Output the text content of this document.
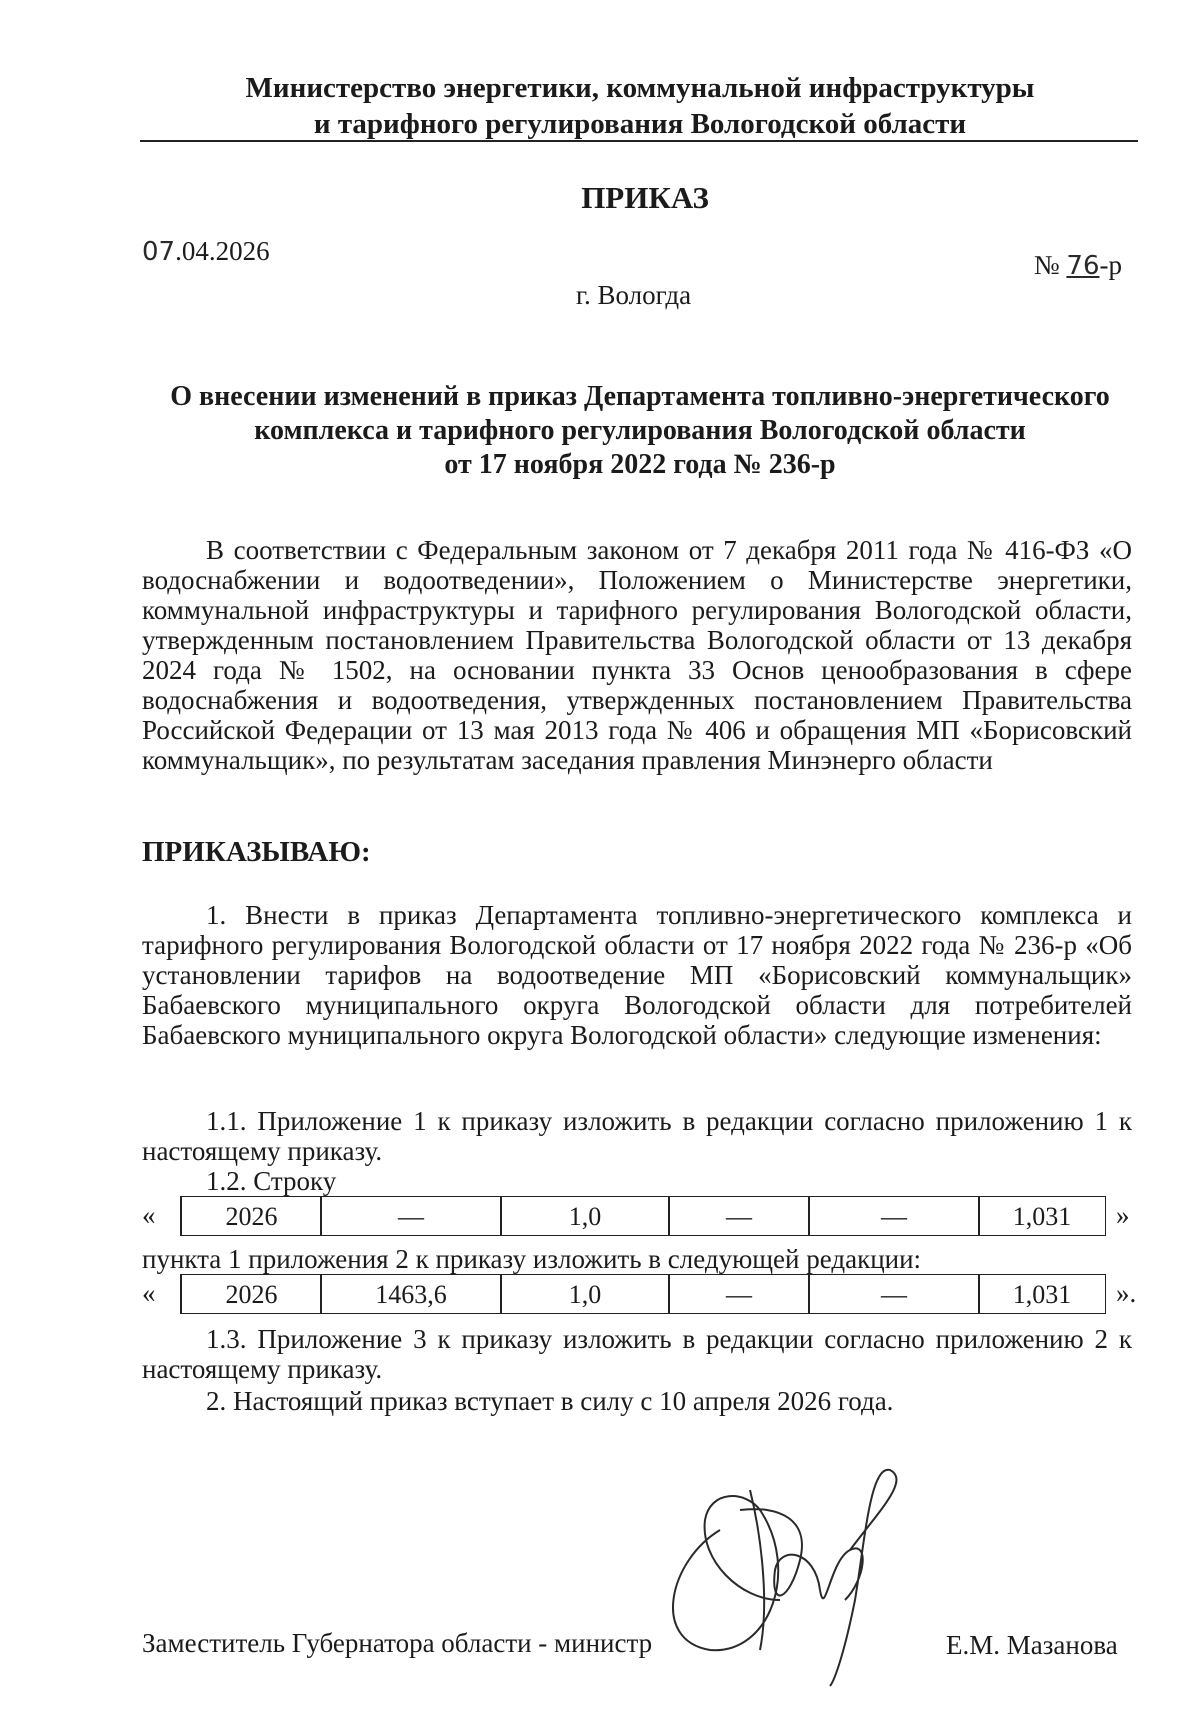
Министерство энергетики, коммунальной инфраструктуры
и тарифного регулирования Вологодской области
ПРИКАЗ
07.04.2026	№ 76-р
г. Вологда
О внесении изменений в приказ Департамента топливно-энергетического
комплекса и тарифного регулирования Вологодской области
от 17 ноября 2022 года № 236-р
В соответствии с Федеральным законом от 7 декабря 2011 года № 416-ФЗ «О водоснабжении и водоотведении», Положением о Министерстве энергетики, коммунальной инфраструктуры и тарифного регулирования Вологодской области, утвержденным постановлением Правительства Вологодской области от 13 декабря 2024 года № 1502, на основании пункта 33 Основ ценообразования в сфере водоснабжения и водоотведения, утвержденных постановлением Правительства Российской Федерации от 13 мая 2013 года № 406 и обращения МП «Борисовский коммунальщик», по результатам заседания правления Минэнерго области
ПРИКАЗЫВАЮ:
1. Внести в приказ Департамента топливно-энергетического комплекса и тарифного регулирования Вологодской области от 17 ноября 2022 года № 236-р «Об установлении тарифов на водоотведение МП «Борисовский коммунальщик» Бабаевского муниципального округа Вологодской области для потребителей Бабаевского муниципального округа Вологодской области» следующие изменения:
1.1. Приложение 1 к приказу изложить в редакции согласно приложению 1 к настоящему приказу.
1.2. Строку
«	2026	—	1,0	—	—	1,031	»
пункта 1 приложения 2 к приказу изложить в следующей редакции:
«	2026	1463,6	1,0	—	—	1,031	».
1.3. Приложение 3 к приказу изложить в редакции согласно приложению 2 к настоящему приказу.
2. Настоящий приказ вступает в силу с 10 апреля 2026 года.
Заместитель Губернатора области - министр	Е.М. Мазанова
